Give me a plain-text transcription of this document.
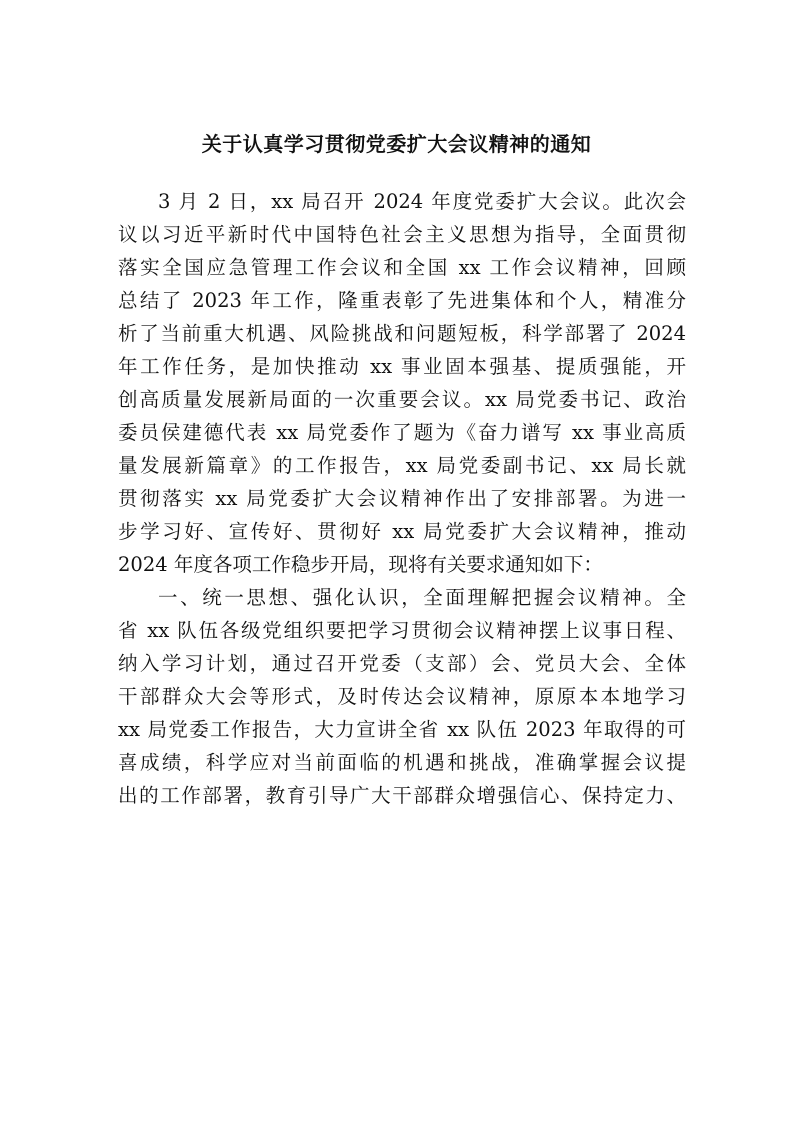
关于认真学习贯彻党委扩大会议精神的通知
3 月 2 日，xx 局召开 2024 年度党委扩大会议。此次会
议以习近平新时代中国特色社会主义思想为指导，全面贯彻
落实全国应急管理工作会议和全国 xx 工作会议精神，回顾
总结了 2023 年工作，隆重表彰了先进集体和个人，精准分
析了当前重大机遇、风险挑战和问题短板，科学部署了 2024
年工作任务，是加快推动 xx 事业固本强基、提质强能，开
创高质量发展新局面的一次重要会议。xx 局党委书记、政治
委员侯建德代表 xx 局党委作了题为《奋力谱写 xx 事业高质
量发展新篇章》的工作报告，xx 局党委副书记、xx 局长就
贯彻落实 xx 局党委扩大会议精神作出了安排部署。为进一
步学习好、宣传好、贯彻好 xx 局党委扩大会议精神，推动
2024 年度各项工作稳步开局，现将有关要求通知如下：
一、统一思想、强化认识，全面理解把握会议精神。全
省 xx 队伍各级党组织要把学习贯彻会议精神摆上议事日程、
纳入学习计划，通过召开党委（支部）会、党员大会、全体
干部群众大会等形式，及时传达会议精神，原原本本地学习
xx 局党委工作报告，大力宣讲全省 xx 队伍 2023 年取得的可
喜成绩，科学应对当前面临的机遇和挑战，准确掌握会议提
出的工作部署，教育引导广大干部群众增强信心、保持定力、
